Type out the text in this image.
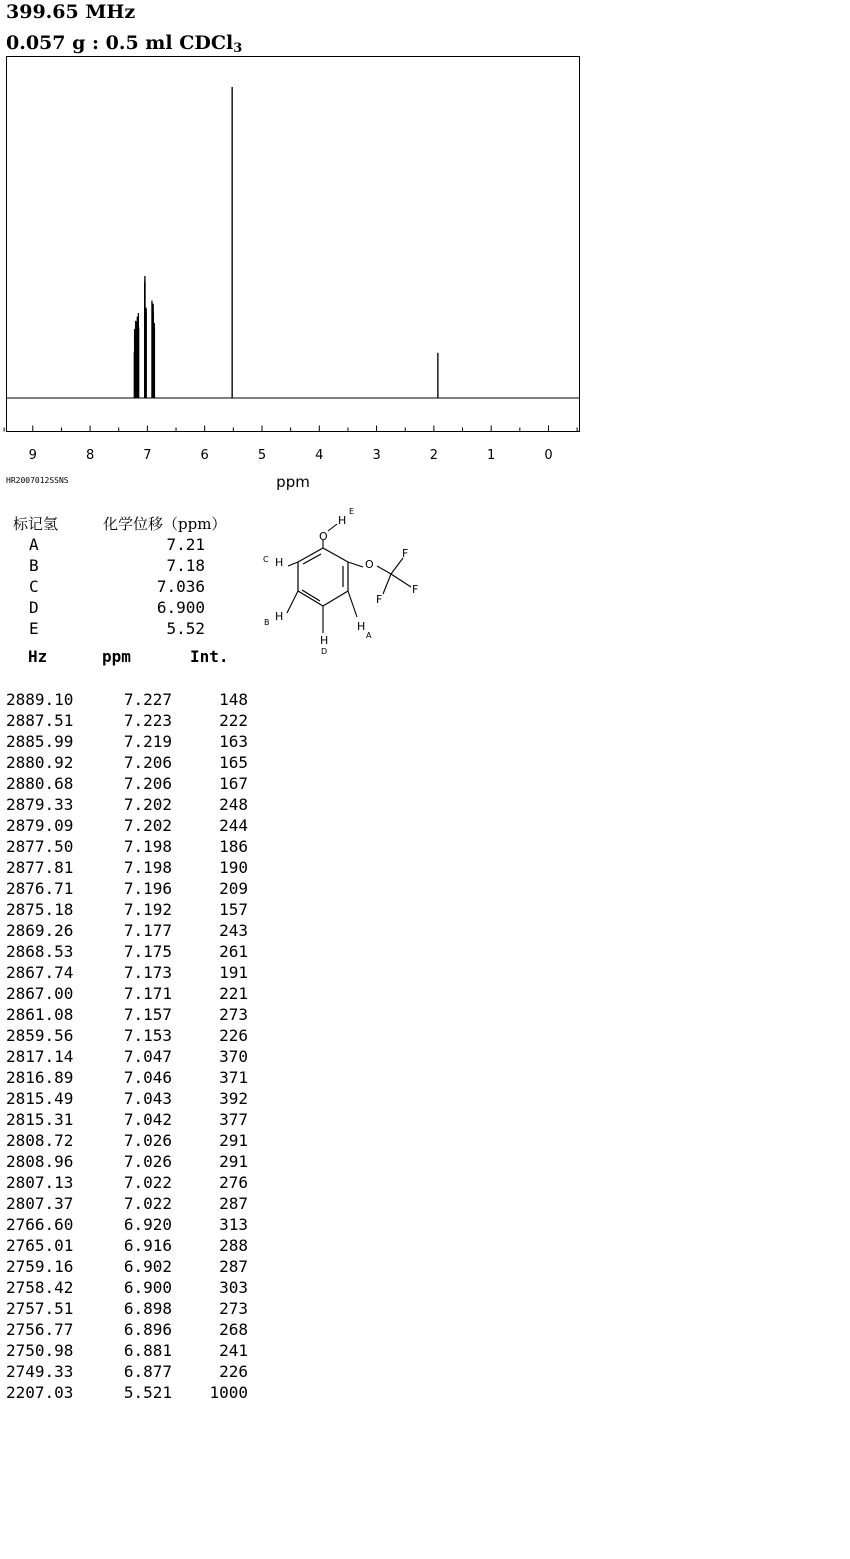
399.65 MHz
0.057 g : 0.5 ml CDCl$_3$
9	8	7	6	5	4	3	2	1	0
ppm
HR2007012SSNS
标记氢	化学位移（ppm）
A	7.21
B	7.18
C	7.036
D	6.900
E	5.52
O
H
E
O
F
F
F
H
C
H
B
H
D
H
A
Hz	ppm	Int.
2889.10	7.227	148
2887.51	7.223	222
2885.99	7.219	163
2880.92	7.206	165
2880.68	7.206	167
2879.33	7.202	248
2879.09	7.202	244
2877.50	7.198	186
2877.81	7.198	190
2876.71	7.196	209
2875.18	7.192	157
2869.26	7.177	243
2868.53	7.175	261
2867.74	7.173	191
2867.00	7.171	221
2861.08	7.157	273
2859.56	7.153	226
2817.14	7.047	370
2816.89	7.046	371
2815.49	7.043	392
2815.31	7.042	377
2808.72	7.026	291
2808.96	7.026	291
2807.13	7.022	276
2807.37	7.022	287
2766.60	6.920	313
2765.01	6.916	288
2759.16	6.902	287
2758.42	6.900	303
2757.51	6.898	273
2756.77	6.896	268
2750.98	6.881	241
2749.33	6.877	226
2207.03	5.521	1000
